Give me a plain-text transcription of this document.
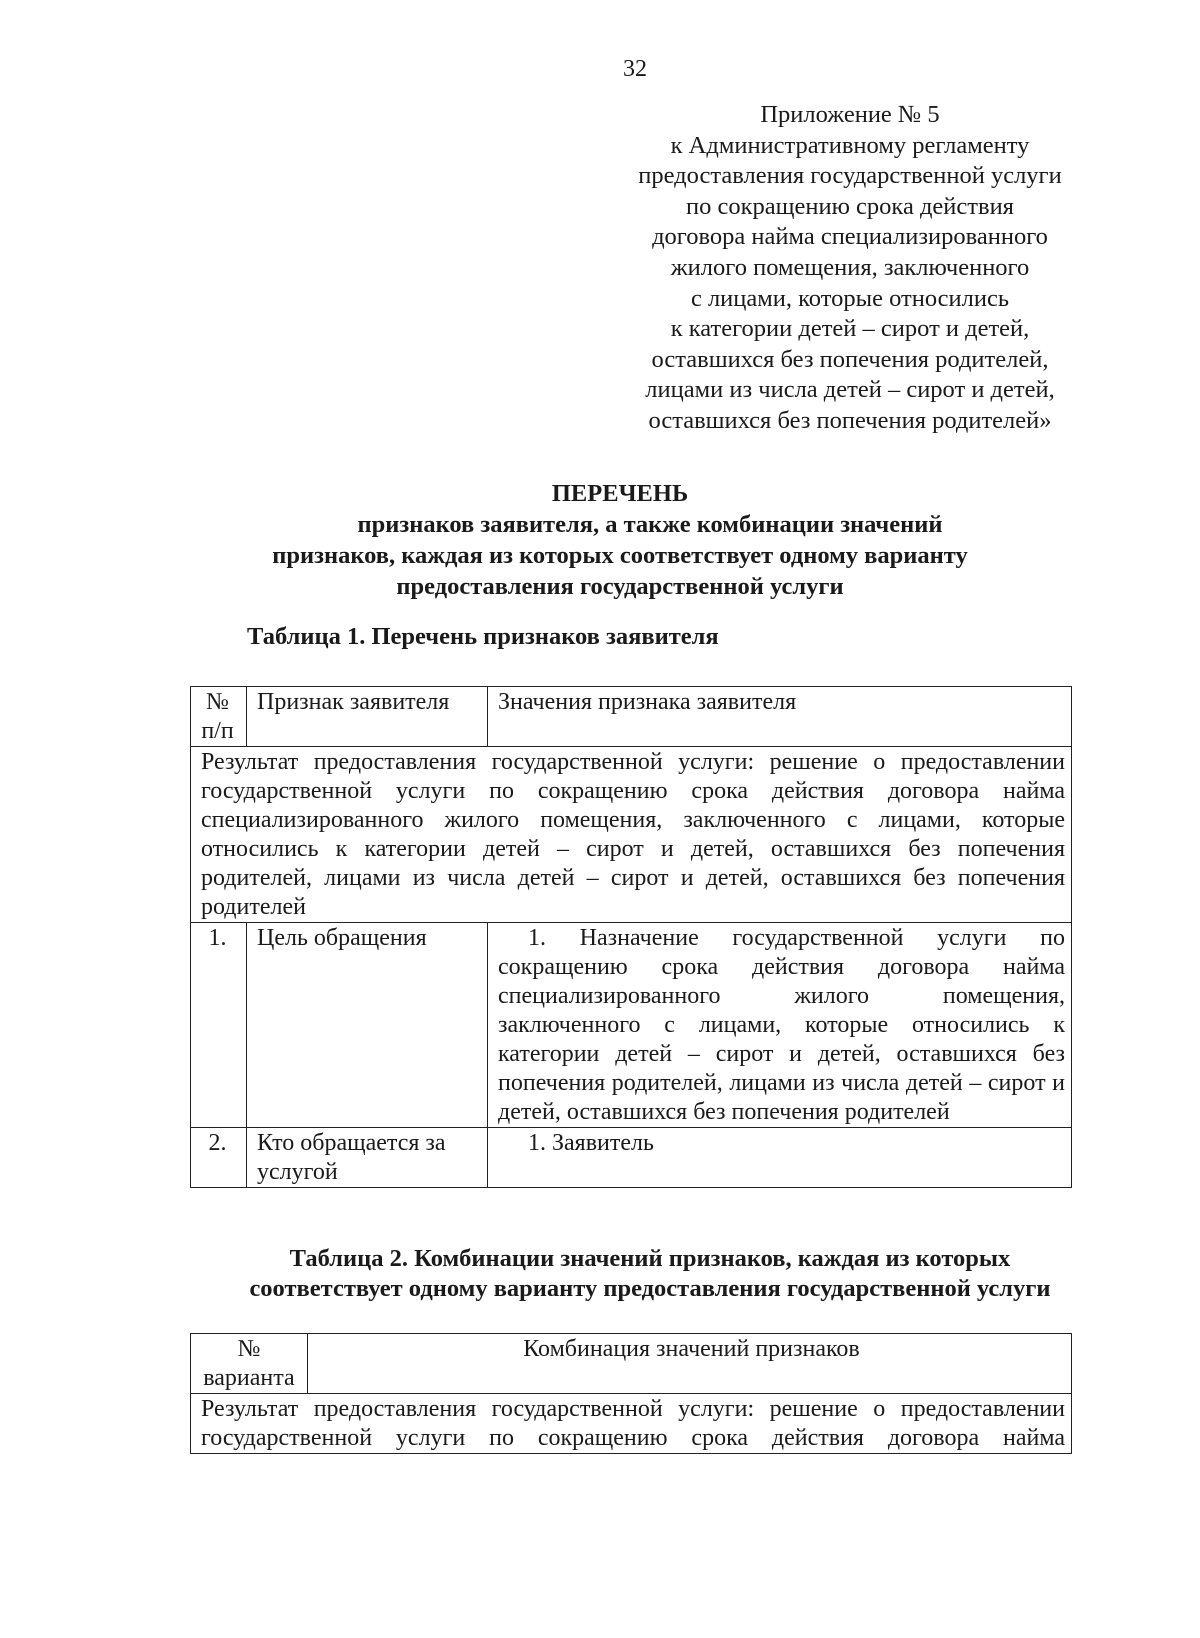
32
Приложение № 5
к Административному регламенту
предоставления государственной услуги
по сокращению срока действия
договора найма специализированного
жилого помещения, заключенного
с лицами, которые относились
к категории детей – сирот и детей,
оставшихся без попечения родителей,
лицами из числа детей – сирот и детей,
оставшихся без попечения родителей»
ПЕРЕЧЕНЬ
признаков заявителя, а также комбинации значений
признаков, каждая из которых соответствует одному варианту
предоставления государственной услуги
Таблица 1. Перечень признаков заявителя
№ п/п	Признак заявителя	Значения признака заявителя
Результат предоставления государственной услуги: решение о предоставлении государственной услуги по сокращению срока действия договора найма специализированного жилого помещения, заключенного с лицами, которые относились к категории детей – сирот и детей, оставшихся без попечения родителей, лицами из числа детей – сирот и детей, оставшихся без попечения родителей		
1.	Цель обращения	1. Назначение государственной услуги по сокращению срока действия договора найма специализированного жилого помещения, заключенного с лицами, которые относились к категории детей – сирот и детей, оставшихся без попечения родителей, лицами из числа детей – сирот и детей, оставшихся без попечения родителей
2.	Кто обращается за услугой	1. Заявитель
Таблица 2. Комбинации значений признаков, каждая из которых
соответствует одному варианту предоставления государственной услуги
№ варианта	Комбинация значений признаков
Результат предоставления государственной услуги: решение о предоставлении государственной услуги по сокращению срока действия договора найма
